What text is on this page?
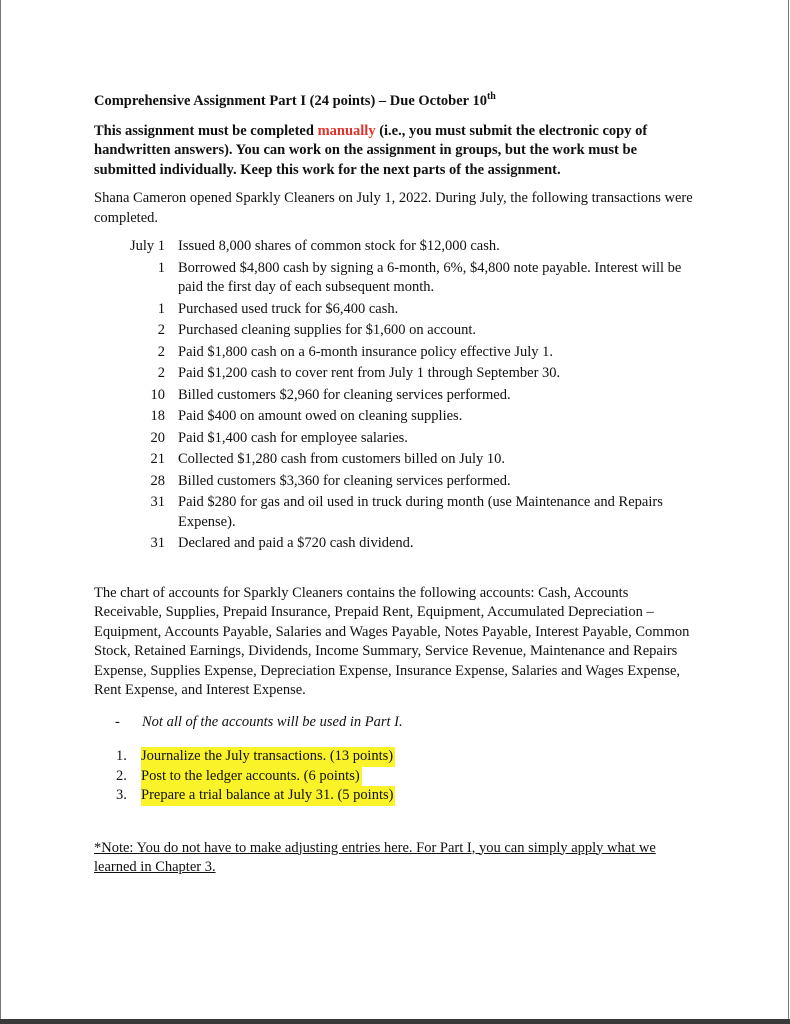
Comprehensive Assignment Part I (24 points) – Due October 10th

This assignment must be completed manually (i.e., you must submit the electronic copy of handwritten answers). You can work on the assignment in groups, but the work must be submitted individually. Keep this work for the next parts of the assignment.
Shana Cameron opened Sparkly Cleaners on July 1, 2022. During July, the following transactions were completed.
July 1 Issued 8,000 shares of common stock for $12,000 cash.
1 Borrowed $4,800 cash by signing a 6-month, 6%, $4,800 note payable. Interest will be paid the first day of each subsequent month.
1 Purchased used truck for $6,400 cash.
2 Purchased cleaning supplies for $1,600 on account.
2 Paid $1,800 cash on a 6-month insurance policy effective July 1.
2 Paid $1,200 cash to cover rent from July 1 through September 30.
10 Billed customers $2,960 for cleaning services performed.
18 Paid $400 on amount owed on cleaning supplies.
20 Paid $1,400 cash for employee salaries.
21 Collected $1,280 cash from customers billed on July 10.
28 Billed customers $3,360 for cleaning services performed.
31 Paid $280 for gas and oil used in truck during month (use Maintenance and Repairs Expense).
31 Declared and paid a $720 cash dividend.
The chart of accounts for Sparkly Cleaners contains the following accounts: Cash, Accounts Receivable, Supplies, Prepaid Insurance, Prepaid Rent, Equipment, Accumulated Depreciation – Equipment, Accounts Payable, Salaries and Wages Payable, Notes Payable, Interest Payable, Common Stock, Retained Earnings, Dividends, Income Summary, Service Revenue, Maintenance and Repairs Expense, Supplies Expense, Depreciation Expense, Insurance Expense, Salaries and Wages Expense, Rent Expense, and Interest Expense.
-	Not all of the accounts will be used in Part I.
1. Journalize the July transactions. (13 points)
2. Post to the ledger accounts. (6 points)
3. Prepare a trial balance at July 31. (5 points)
*Note: You do not have to make adjusting entries here. For Part I, you can simply apply what we learned in Chapter 3.
